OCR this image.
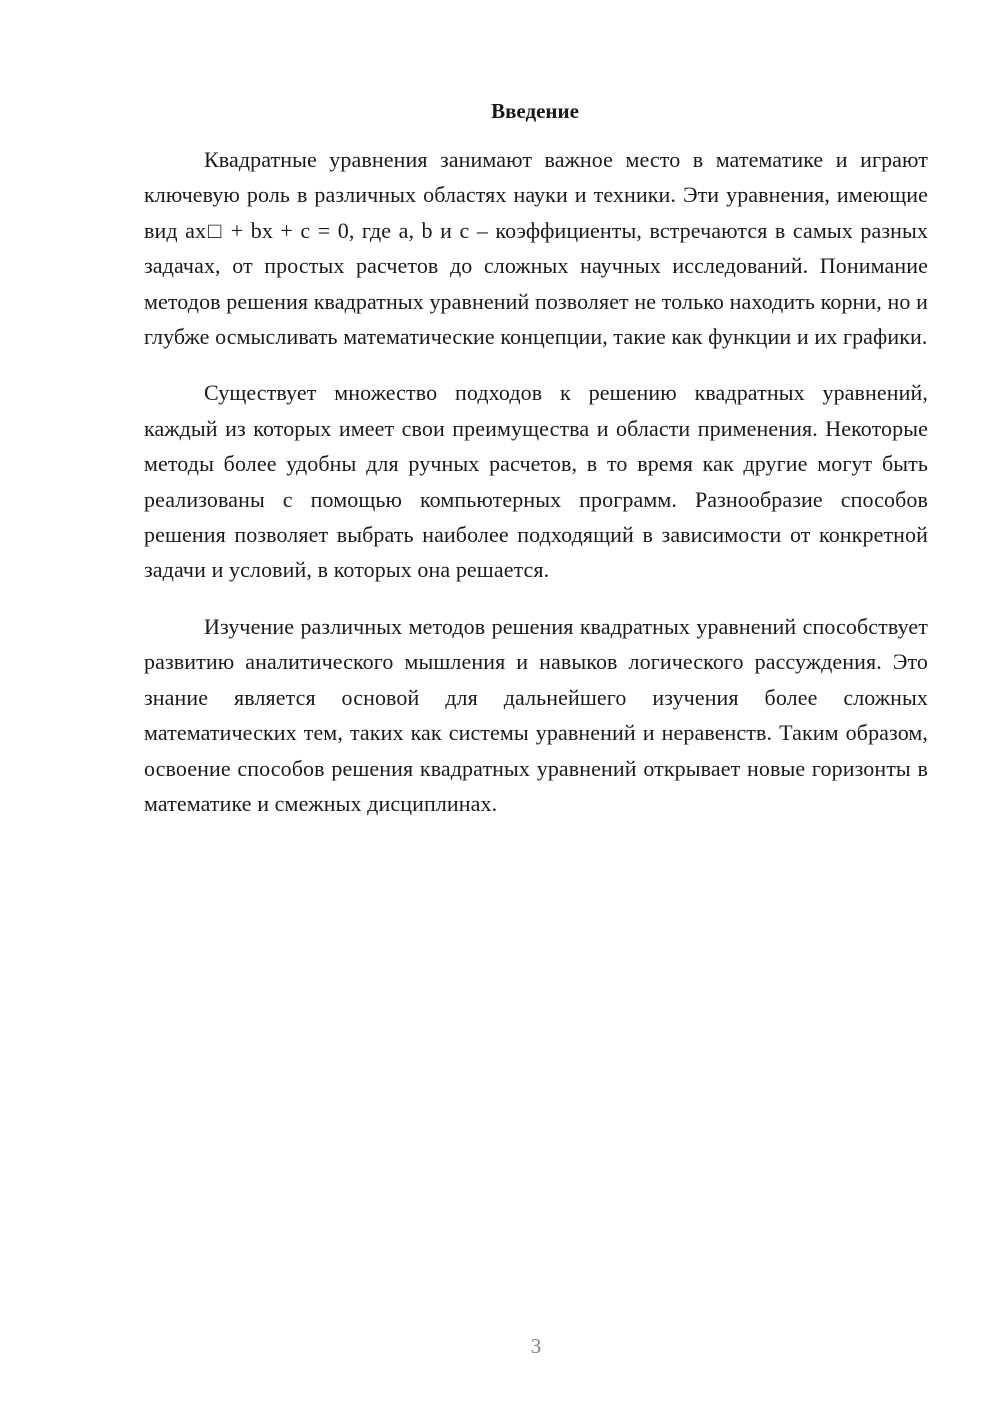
Введение

Квадратные уравнения занимают важное место в математике и играют ключевую роль в различных областях науки и техники. Эти уравнения, имеющие вид ax□ + bx + c = 0, где a, b и c – коэффициенты, встречаются в самых разных задачах, от простых расчетов до сложных научных исследований. Понимание методов решения квадратных уравнений позволяет не только находить корни, но и глубже осмысливать математические концепции, такие как функции и их графики.

Существует множество подходов к решению квадратных уравнений, каждый из которых имеет свои преимущества и области применения. Некоторые методы более удобны для ручных расчетов, в то время как другие могут быть реализованы с помощью компьютерных программ. Разнообразие способов решения позволяет выбрать наиболее подходящий в зависимости от конкретной задачи и условий, в которых она решается.

Изучение различных методов решения квадратных уравнений способствует развитию аналитического мышления и навыков логического рассуждения. Это знание является основой для дальнейшего изучения более сложных математических тем, таких как системы уравнений и неравенств. Таким образом, освоение способов решения квадратных уравнений открывает новые горизонты в математике и смежных дисциплинах.

3
